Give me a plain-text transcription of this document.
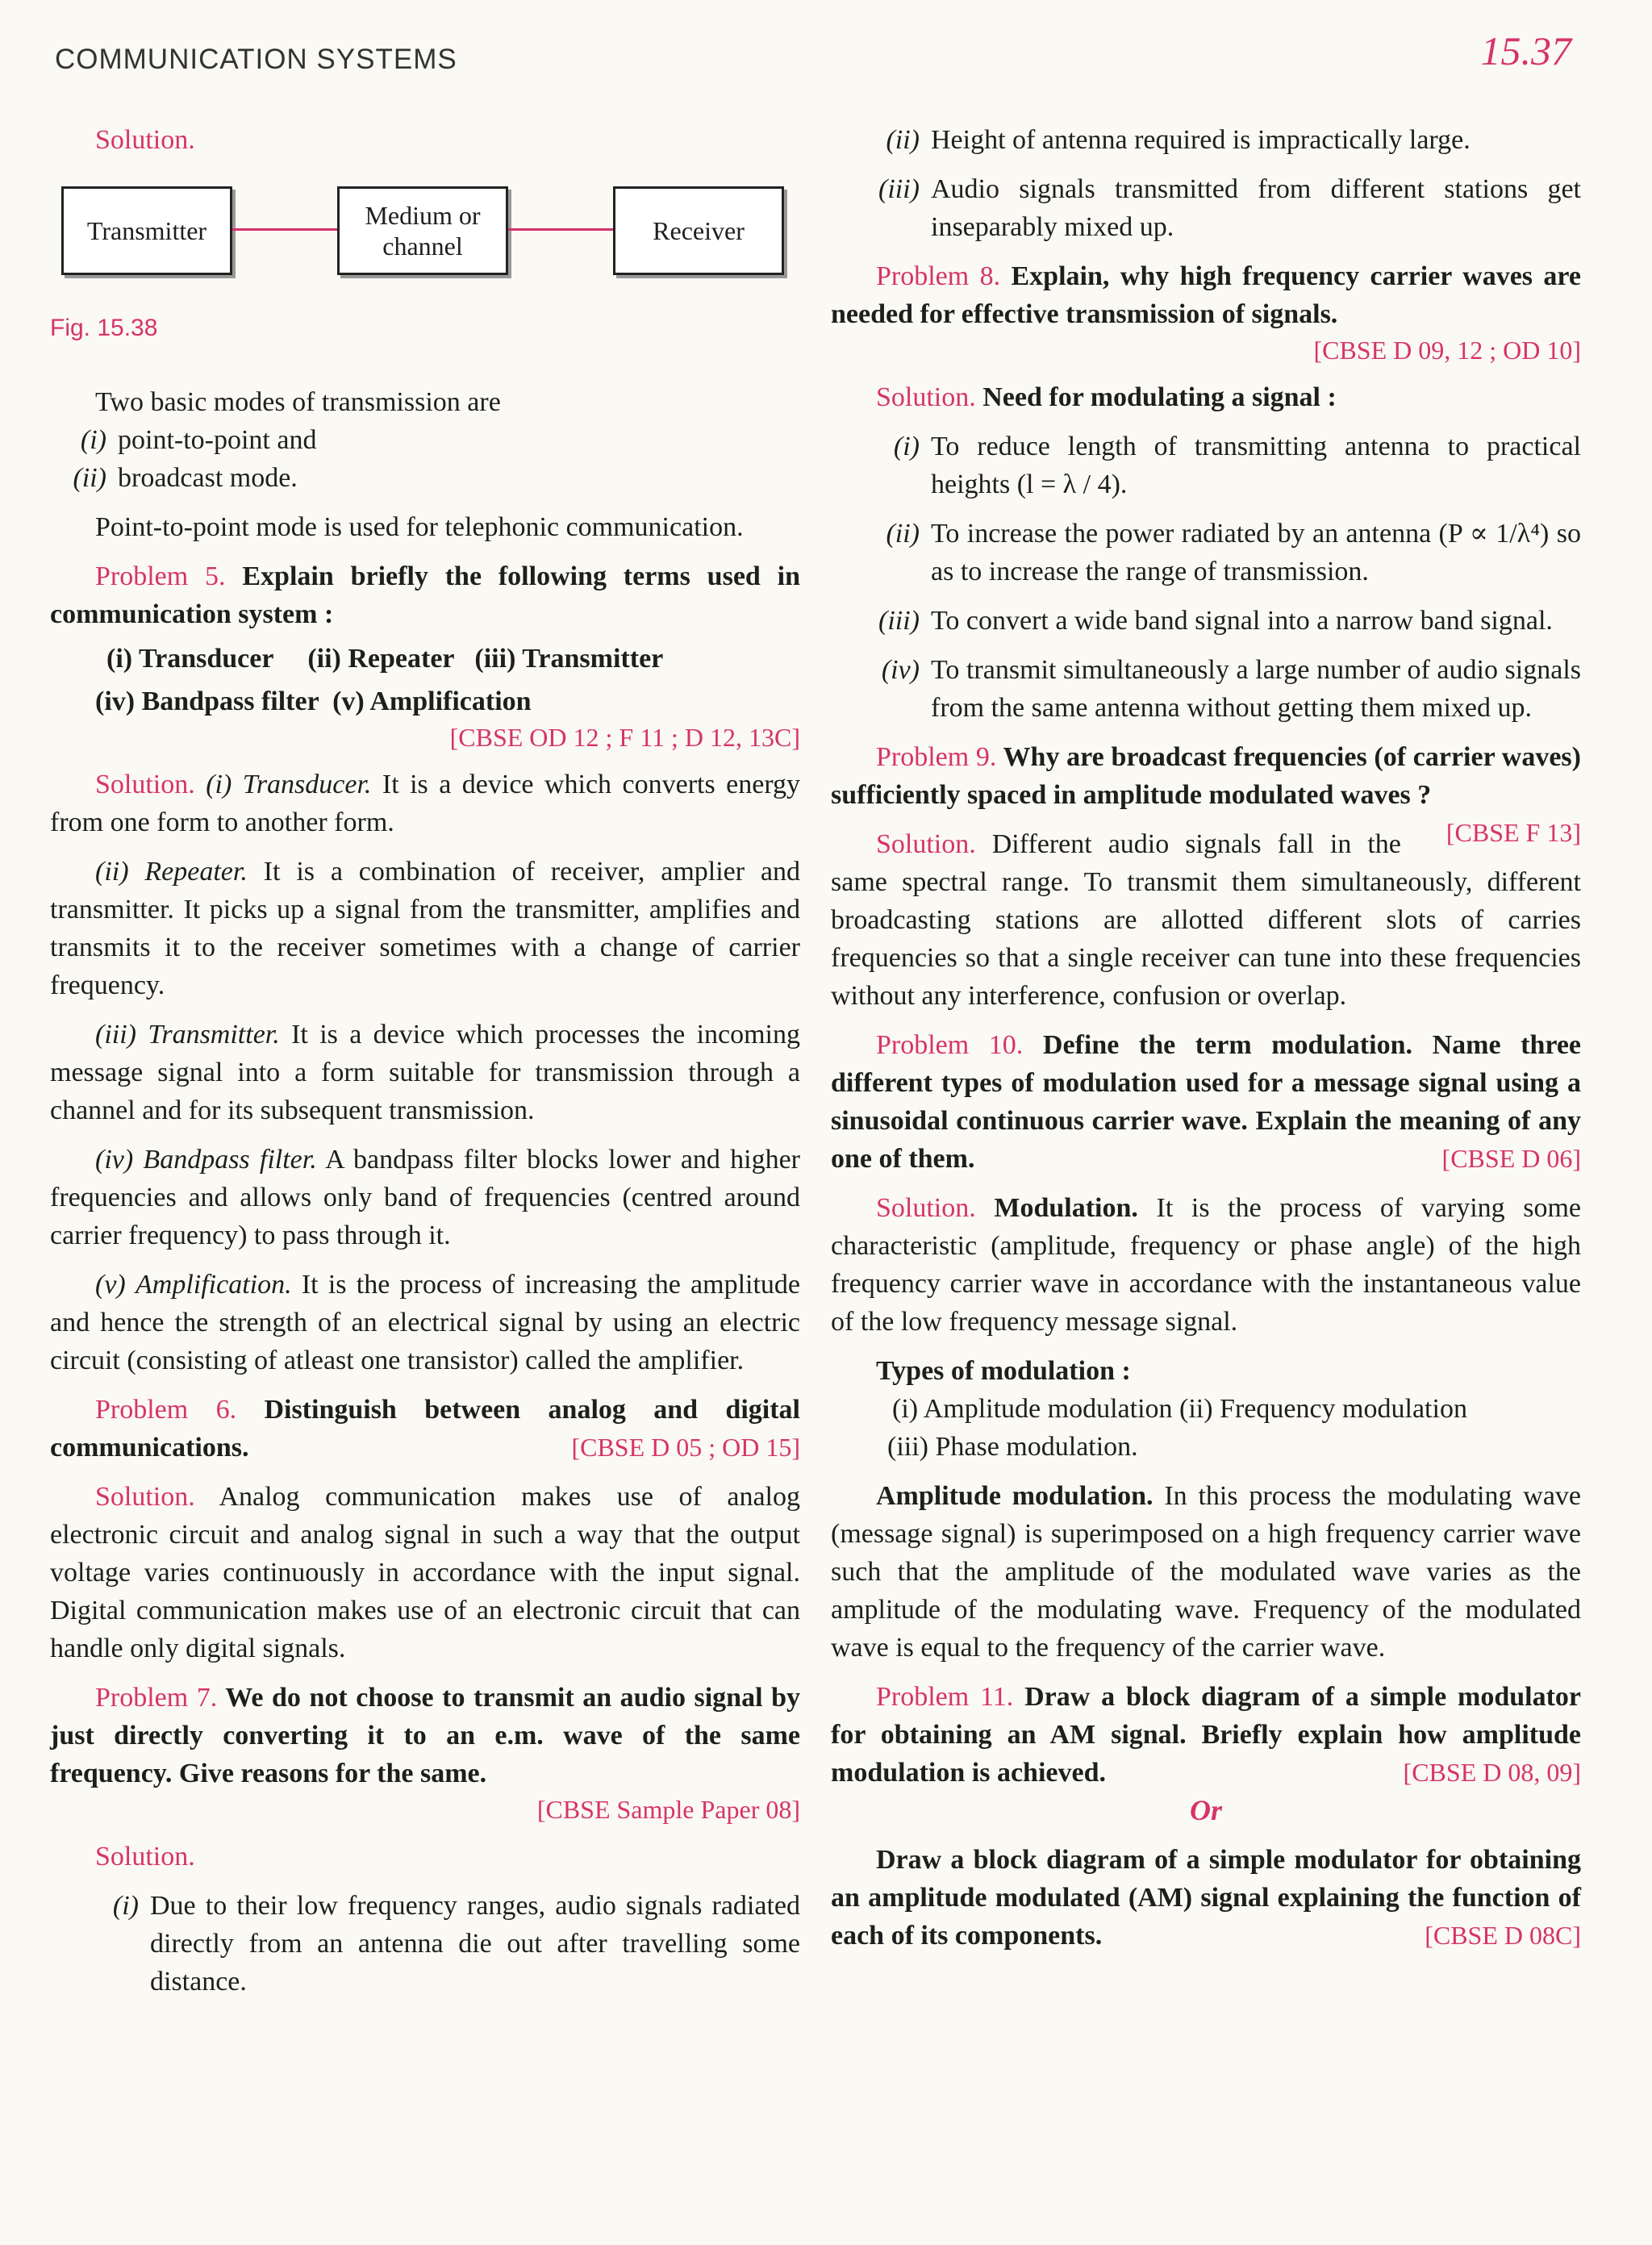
COMMUNICATION SYSTEMS	15.37

Solution.

Transmitter
Medium or channel
Receiver
Fig. 15.38

Two basic modes of transmission are

(i) point-to-point and
(ii) broadcast mode.

Point-to-point mode is used for telephonic communication.

Problem 5. Explain briefly the following terms used in communication system :

(i) Transducer     (ii) Repeater   (iii) Transmitter

(iv) Bandpass filter  (v) Amplification

[CBSE OD 12 ; F 11 ; D 12, 13C]

Solution. (i) Transducer. It is a device which converts energy from one form to another form.

(ii) Repeater. It is a combination of receiver, amplier and transmitter. It picks up a signal from the transmitter, amplifies and transmits it to the receiver sometimes with a change of carrier frequency.

(iii) Transmitter. It is a device which processes the incoming message signal into a form suitable for transmission through a channel and for its subsequent transmission.

(iv) Bandpass filter. A bandpass filter blocks lower and higher frequencies and allows only band of frequencies (centred around carrier frequency) to pass through it.

(v) Amplification. It is the process of increasing the amplitude and hence the strength of an electrical signal by using an electric circuit (consisting of atleast one transistor) called the amplifier.

Problem 6. Distinguish between analog and digital communications.	[CBSE D 05 ; OD 15]

Solution. Analog communication makes use of analog electronic circuit and analog signal in such a way that the output voltage varies continuously in accordance with the input signal. Digital communication makes use of an electronic circuit that can handle only digital signals.

Problem 7. We do not choose to transmit an audio signal by just directly converting it to an e.m. wave of the same frequency. Give reasons for the same.

[CBSE Sample Paper 08]

Solution.

(i) Due to their low frequency ranges, audio signals radiated directly from an antenna die out after travelling some distance.
(ii) Height of antenna required is impractically large.
(iii) Audio signals transmitted from different stations get inseparably mixed up.

Problem 8. Explain, why high frequency carrier waves are needed for effective transmission of signals.

[CBSE D 09, 12 ; OD 10]

Solution. Need for modulating a signal :

(i) To reduce length of transmitting antenna to practical heights (l = λ / 4).
(ii) To increase the power radiated by an antenna (P ∝ 1/λ⁴) so as to increase the range of transmission.
(iii) To convert a wide band signal into a narrow band signal.
(iv) To transmit simultaneously a large number of audio signals from the same antenna without getting them mixed up.

Problem 9. Why are broadcast frequencies (of carrier waves) sufficiently spaced in amplitude modulated waves ?
[CBSE F 13]

Solution. Different audio signals fall in the same spectral range. To transmit them simultaneously, different broadcasting stations are allotted different slots of carries frequencies so that a single receiver can tune into these frequencies without any interference, confusion or overlap.

Problem 10. Define the term modulation. Name three different types of modulation used for a message signal using a sinusoidal continuous carrier wave. Explain the meaning of any one of them.	[CBSE D 06]

Solution. Modulation. It is the process of varying some characteristic (amplitude, frequency or phase angle) of the high frequency carrier wave in accordance with the instantaneous value of the low frequency message signal.

Types of modulation :

(i) Amplitude modulation (ii) Frequency modulation

(iii) Phase modulation.

Amplitude modulation. In this process the modulating wave (message signal) is superimposed on a high frequency carrier wave such that the amplitude of the modulated wave varies as the amplitude of the modulating wave. Frequency of the modulated wave is equal to the frequency of the carrier wave.

Problem 11. Draw a block diagram of a simple modulator for obtaining an AM signal. Briefly explain how amplitude modulation is achieved.	[CBSE D 08, 09]

Or

Draw a block diagram of a simple modulator for obtaining an amplitude modulated (AM) signal explaining the function of each of its components.	[CBSE D 08C]
